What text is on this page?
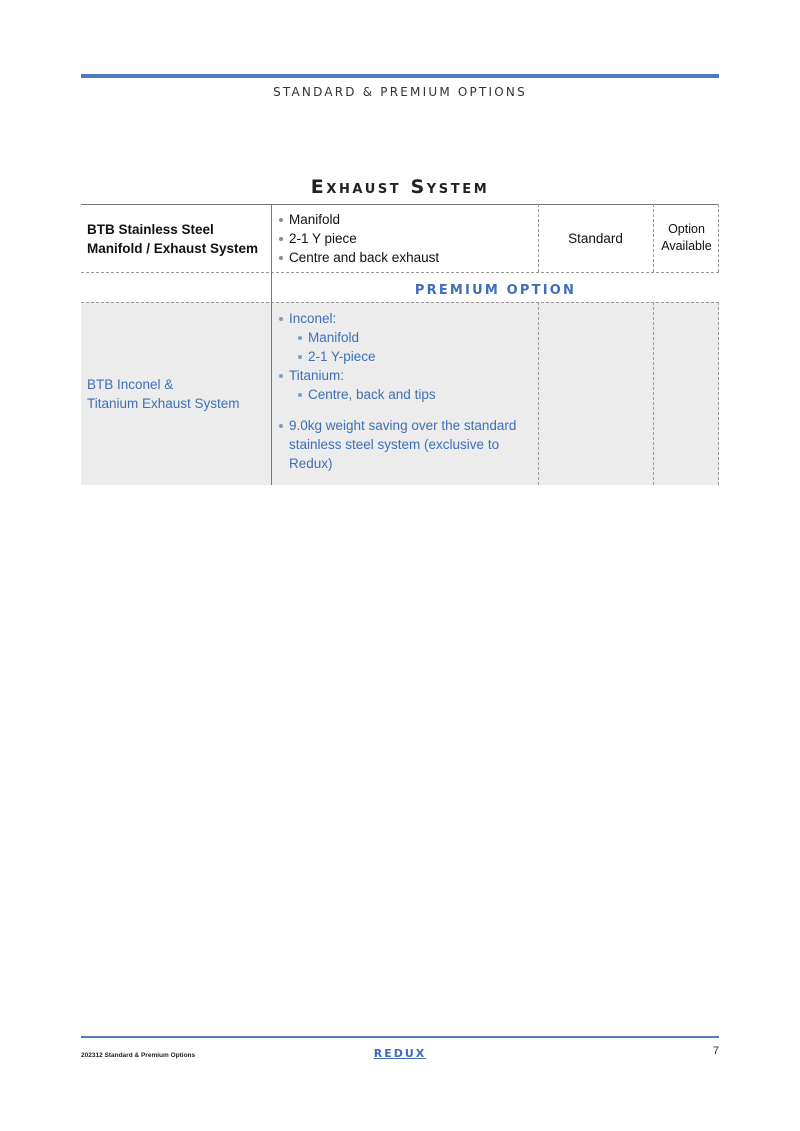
STANDARD & PREMIUM OPTIONS
Exhaust System
BTB Stainless Steel Manifold / Exhaust System
Manifold
2-1 Y piece
Centre and back exhaust
Standard
Option Available
PREMIUM OPTION
BTB Inconel &
Titanium Exhaust System
Inconel:
Manifold
2-1 Y-piece
Titanium:
Centre, back and tips
9.0kg weight saving over the standard stainless steel system (exclusive to Redux)
202312 Standard & Premium Options	REDUX	7
